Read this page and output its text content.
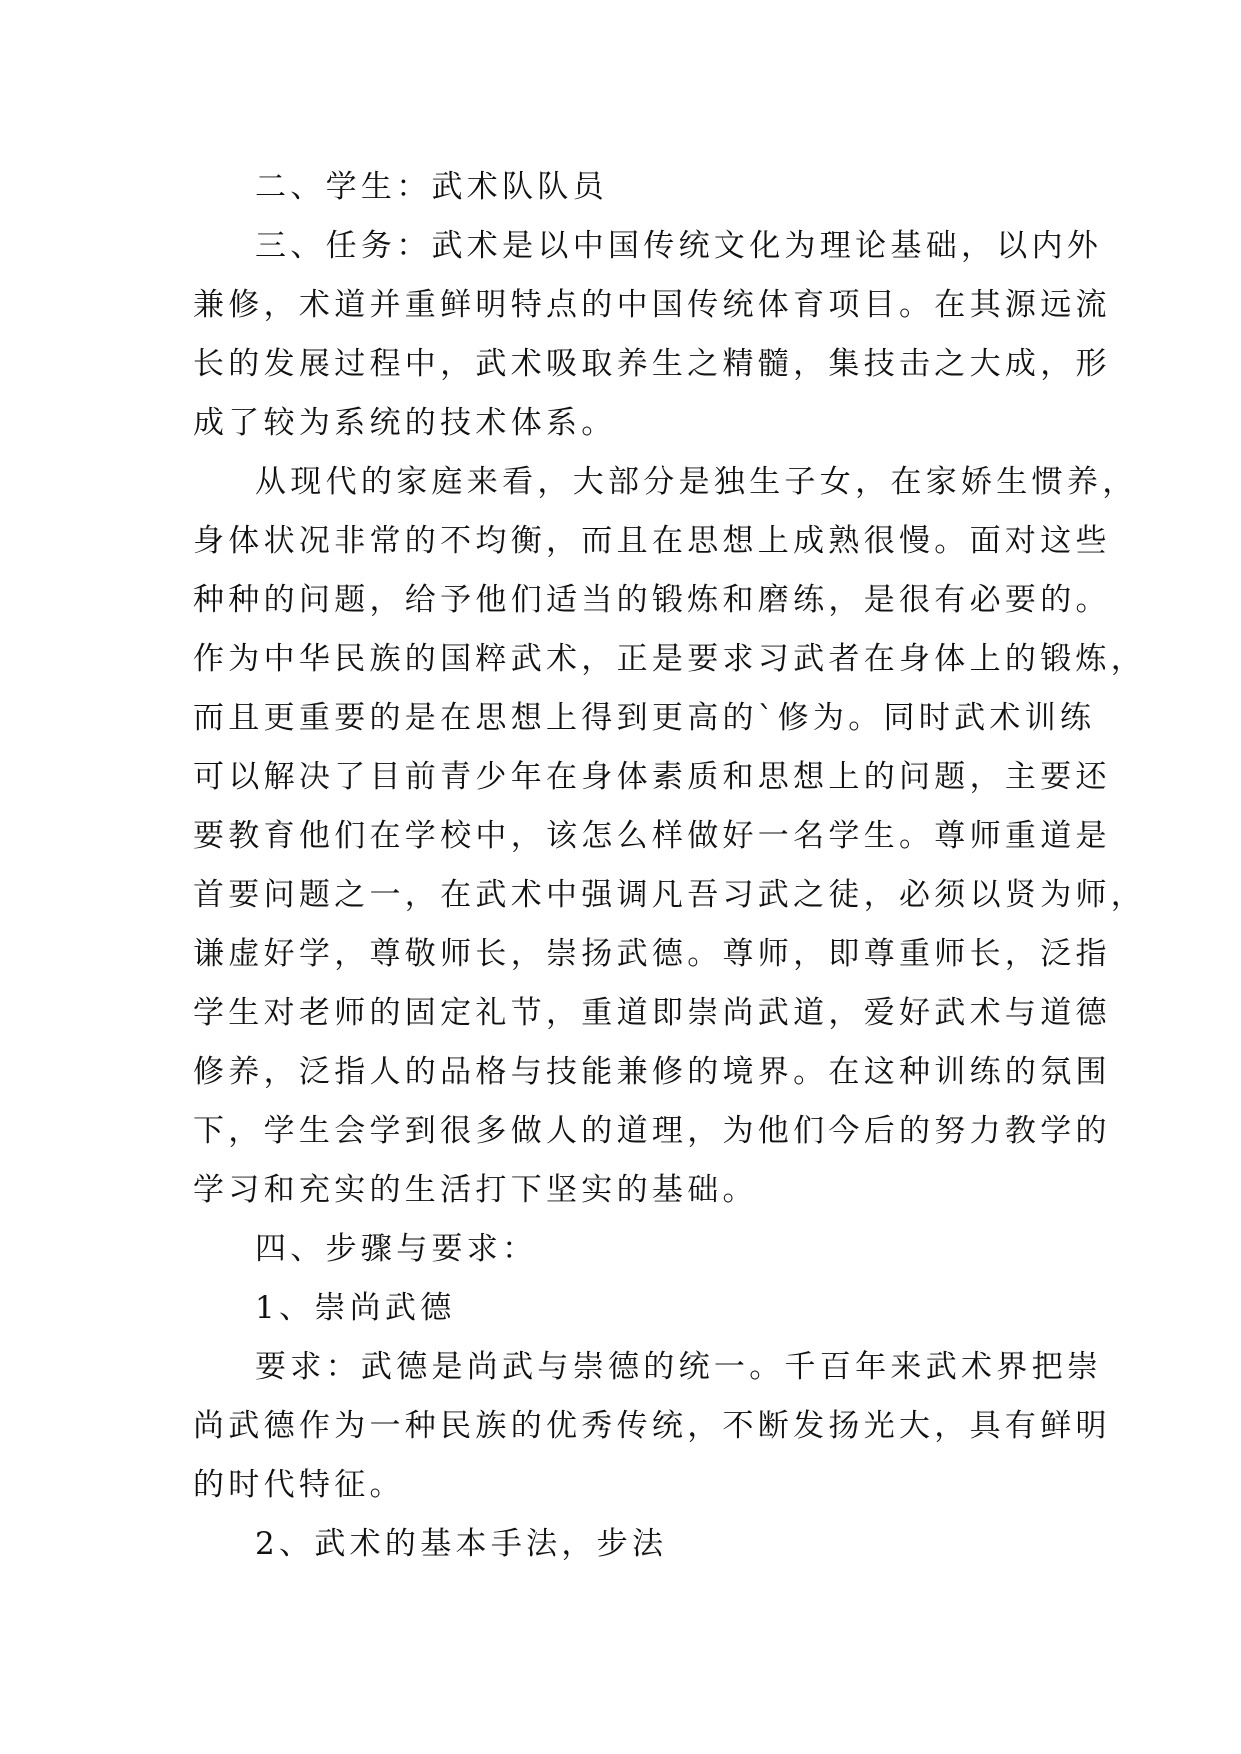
二、学生：武术队队员

三、任务：武术是以中国传统文化为理论基础，以内外

兼修，术道并重鲜明特点的中国传统体育项目。在其源远流

长的发展过程中，武术吸取养生之精髓，集技击之大成，形

成了较为系统的技术体系。

从现代的家庭来看，大部分是独生子女，在家娇生惯养，

身体状况非常的不均衡，而且在思想上成熟很慢。面对这些

种种的问题，给予他们适当的锻炼和磨练，是很有必要的。

作为中华民族的国粹武术，正是要求习武者在身体上的锻炼，

而且更重要的是在思想上得到更高的`修为。同时武术训练

可以解决了目前青少年在身体素质和思想上的问题，主要还

要教育他们在学校中，该怎么样做好一名学生。尊师重道是

首要问题之一，在武术中强调凡吾习武之徒，必须以贤为师，

谦虚好学，尊敬师长，崇扬武德。尊师，即尊重师长，泛指

学生对老师的固定礼节，重道即崇尚武道，爱好武术与道德

修养，泛指人的品格与技能兼修的境界。在这种训练的氛围

下，学生会学到很多做人的道理，为他们今后的努力教学的

学习和充实的生活打下坚实的基础。

四、步骤与要求：

1、崇尚武德

要求：武德是尚武与崇德的统一。千百年来武术界把崇

尚武德作为一种民族的优秀传统，不断发扬光大，具有鲜明

的时代特征。

2、武术的基本手法，步法
